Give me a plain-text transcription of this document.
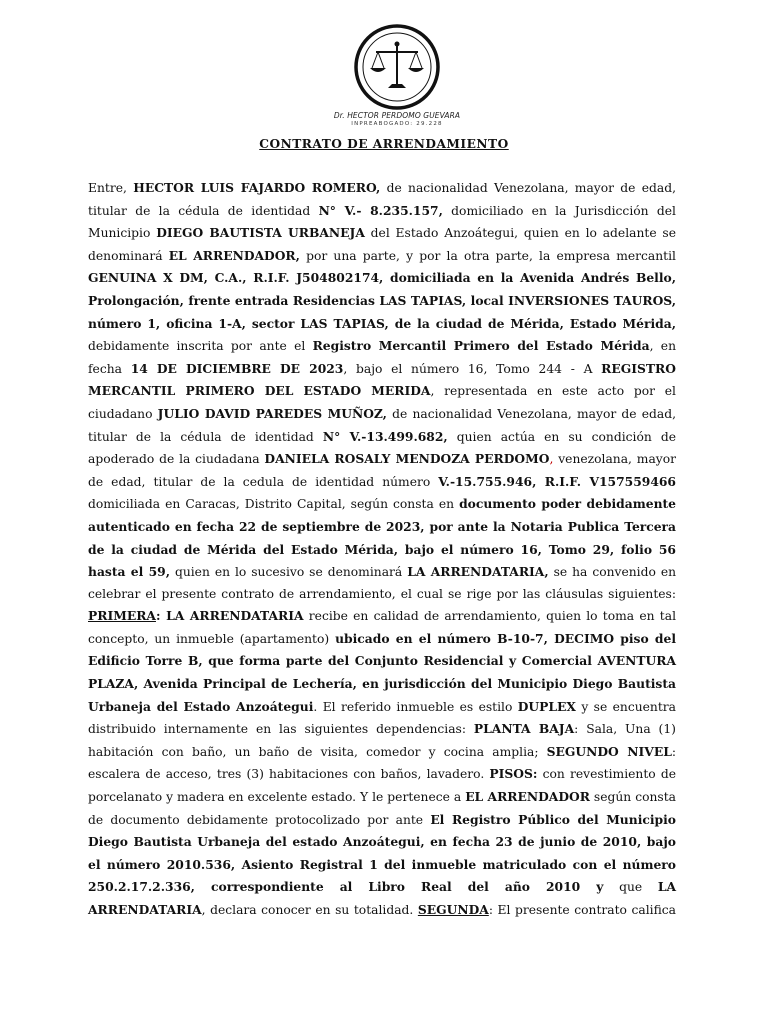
Dr. HECTOR PERDOMO GUEVARA
INPREABOGADO: 29.228
CONTRATO DE ARRENDAMIENTO

Entre, HECTOR LUIS FAJARDO ROMERO, de nacionalidad Venezolana, mayor de edad, titular de la cédula de identidad N° V.- 8.235.157, domiciliado en la Jurisdicción del Municipio DIEGO BAUTISTA URBANEJA del Estado Anzoátegui, quien en lo adelante se denominará EL ARRENDADOR, por una parte, y por la otra parte, la empresa mercantil GENUINA X DM, C.A., R.I.F. J504802174, domiciliada en la Avenida Andrés Bello, Prolongación, frente entrada Residencias LAS TAPIAS, local INVERSIONES TAUROS, número 1, oficina 1-A, sector LAS TAPIAS, de la ciudad de Mérida, Estado Mérida, debidamente inscrita por ante el Registro Mercantil Primero del Estado Mérida, en fecha 14 DE DICIEMBRE DE 2023, bajo el número 16, Tomo 244 - A REGISTRO MERCANTIL PRIMERO DEL ESTADO MERIDA, representada en este acto por el ciudadano JULIO DAVID PAREDES MUÑOZ, de nacionalidad Venezolana, mayor de edad, titular de la cédula de identidad N° V.-13.499.682, quien actúa en su condición de apoderado de la ciudadana DANIELA ROSALY MENDOZA PERDOMO, venezolana, mayor de edad, titular de la cedula de identidad número V.-15.755.946, R.I.F. V157559466 domiciliada en Caracas, Distrito Capital, según consta en documento poder debidamente autenticado en fecha 22 de septiembre de 2023, por ante la Notaria Publica Tercera de la ciudad de Mérida del Estado Mérida, bajo el número 16, Tomo 29, folio 56 hasta el 59, quien en lo sucesivo se denominará LA ARRENDATARIA, se ha convenido en celebrar el presente contrato de arrendamiento, el cual se rige por las cláusulas siguientes: PRIMERA: LA ARRENDATARIA recibe en calidad de arrendamiento, quien lo toma en tal concepto, un inmueble (apartamento) ubicado en el número B-10-7, DECIMO piso del Edificio Torre B, que forma parte del Conjunto Residencial y Comercial AVENTURA PLAZA, Avenida Principal de Lechería, en jurisdicción del Municipio Diego Bautista Urbaneja del Estado Anzoátegui. El referido inmueble es estilo DUPLEX y se encuentra distribuido internamente en las siguientes dependencias: PLANTA BAJA: Sala, Una (1) habitación con baño, un baño de visita, comedor y cocina amplia; SEGUNDO NIVEL: escalera de acceso, tres (3) habitaciones con baños, lavadero. PISOS: con revestimiento de porcelanato y madera en excelente estado. Y le pertenece a EL ARRENDADOR según consta de documento debidamente protocolizado por ante El Registro Público del Municipio Diego Bautista Urbaneja del estado Anzoátegui, en fecha 23 de junio de 2010, bajo el número 2010.536, Asiento Registral 1 del inmueble matriculado con el número 250.2.17.2.336, correspondiente al Libro Real del año 2010 y que LA ARRENDATARIA, declara conocer en su totalidad. SEGUNDA: El presente contrato califica
